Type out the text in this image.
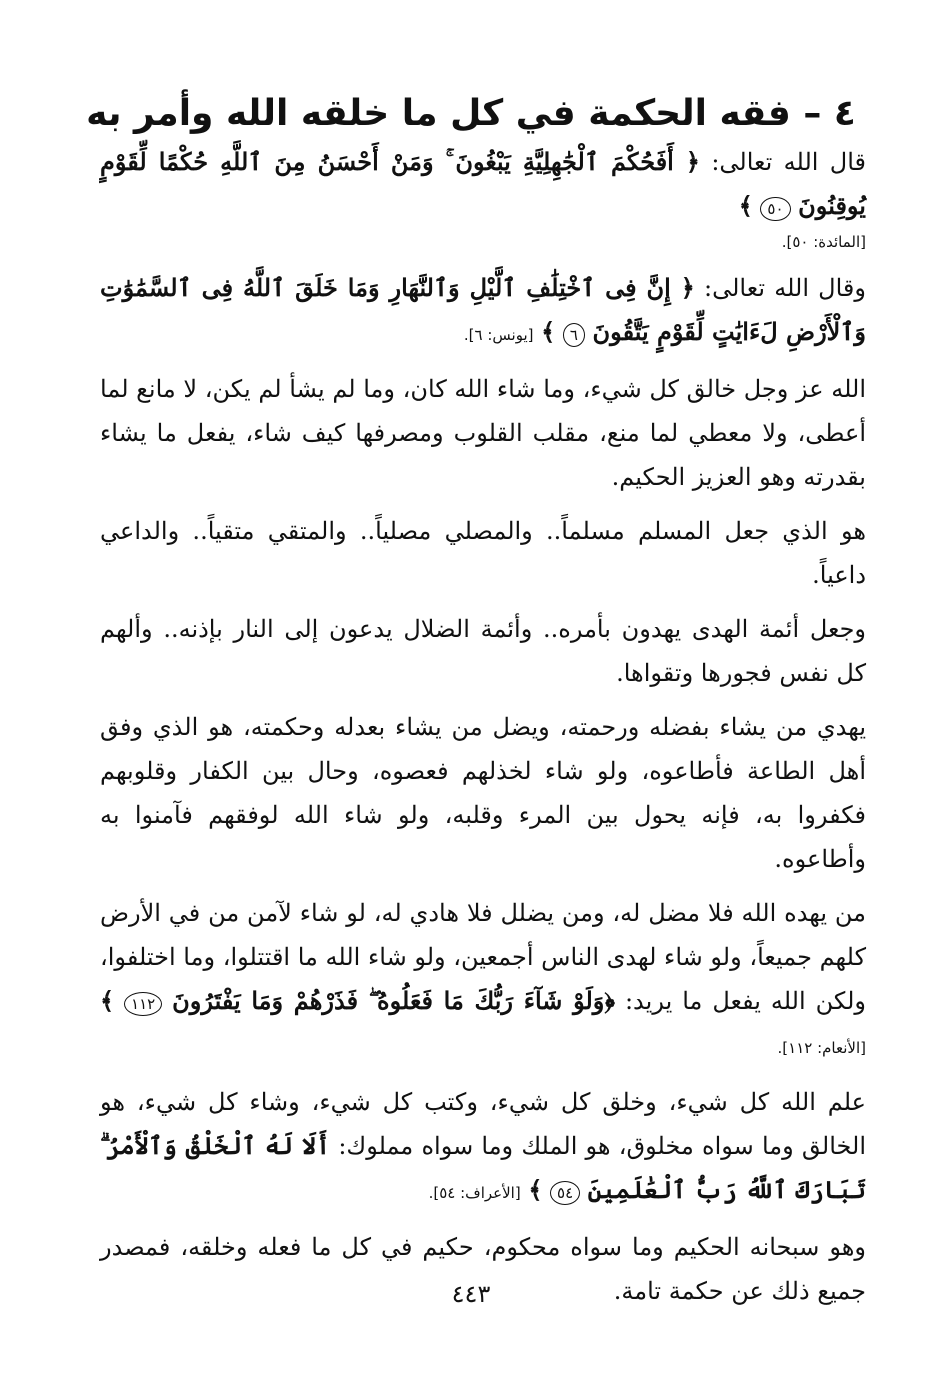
٤ – فقه الحكمة في كل ما خلقه الله وأمر به

قال الله تعالى: ﴿ أَفَحُكْمَ ٱلْجَٰهِلِيَّةِ يَبْغُونَ ۚ وَمَنْ أَحْسَنُ مِنَ ٱللَّهِ حُكْمًا لِّقَوْمٍ يُوقِنُونَ ٥٠ ﴾
[المائدة: ٥٠].

وقال الله تعالى: ﴿ إِنَّ فِى ٱخْتِلَٰفِ ٱلَّيْلِ وَٱلنَّهَارِ وَمَا خَلَقَ ٱللَّهُ فِى ٱلسَّمَٰوَٰتِ وَٱلْأَرْضِ لَءَايَٰتٍ لِّقَوْمٍ يَتَّقُونَ ٦ ﴾ [يونس: ٦].

الله عز وجل خالق كل شيء، وما شاء الله كان، وما لم يشأ لم يكن، لا مانع لما أعطى، ولا معطي لما منع، مقلب القلوب ومصرفها كيف شاء، يفعل ما يشاء بقدرته وهو العزيز الحكيم.

هو الذي جعل المسلم مسلماً.. والمصلي مصلياً.. والمتقي متقياً.. والداعي داعياً.

وجعل أئمة الهدى يهدون بأمره.. وأئمة الضلال يدعون إلى النار بإذنه.. وألهم كل نفس فجورها وتقواها.

يهدي من يشاء بفضله ورحمته، ويضل من يشاء بعدله وحكمته، هو الذي وفق أهل الطاعة فأطاعوه، ولو شاء لخذلهم فعصوه، وحال بين الكفار وقلوبهم فكفروا به، فإنه يحول بين المرء وقلبه، ولو شاء الله لوفقهم فآمنوا به وأطاعوه.

من يهده الله فلا مضل له، ومن يضلل فلا هادي له، لو شاء لآمن من في الأرض كلهم جميعاً، ولو شاء لهدى الناس أجمعين، ولو شاء الله ما اقتتلوا، وما اختلفوا، ولكن الله يفعل ما يريد: ﴿وَلَوْ شَآءَ رَبُّكَ مَا فَعَلُوهُ ۖ فَذَرْهُمْ وَمَا يَفْتَرُونَ ١١٢ ﴾ [الأنعام: ١١٢].

علم الله كل شيء، وخلق كل شيء، وكتب كل شيء، وشاء كل شيء، هو الخالق وما سواه مخلوق، هو الملك وما سواه مملوك: أَلَا لَهُ ٱلْخَلْقُ وَٱلْأَمْرُ ۗ تَبَارَكَ ٱللَّهُ رَبُّ ٱلْعَٰلَمِينَ ٥٤ ﴾ [الأعراف: ٥٤].

وهو سبحانه الحكيم وما سواه محكوم، حكيم في كل ما فعله وخلقه، فمصدر جميع ذلك عن حكمة تامة.

٤٤٣
